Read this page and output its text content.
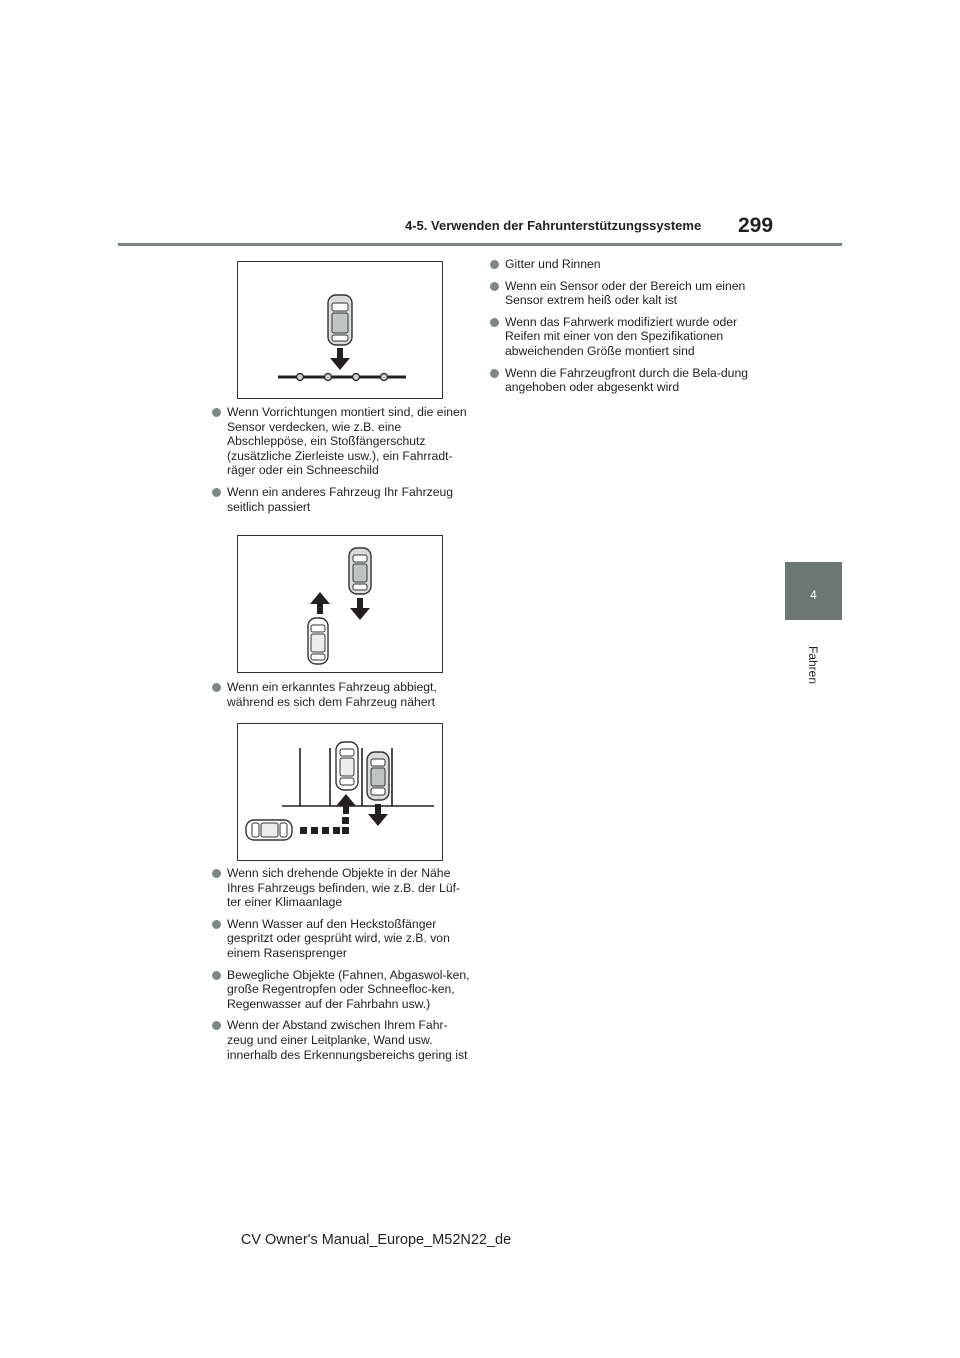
4-5. Verwenden der Fahrunterstützungssysteme 299
4
Fahren
Wenn Vorrichtungen montiert sind, die einen Sensor verdecken, wie z.B. eine Abschleppöse, ein Stoßfängerschutz (zusätzliche Zierleiste usw.), ein Fahrradt-räger oder ein Schneeschild
Wenn ein anderes Fahrzeug Ihr Fahrzeug seitlich passiert
Wenn ein erkanntes Fahrzeug abbiegt, während es sich dem Fahrzeug nähert
Wenn sich drehende Objekte in der Nähe Ihres Fahrzeugs befinden, wie z.B. der Lüf-ter einer Klimaanlage
Wenn Wasser auf den Heckstoßfänger gespritzt oder gesprüht wird, wie z.B. von einem Rasensprenger
Bewegliche Objekte (Fahnen, Abgaswol-ken, große Regentropfen oder Schneefloc-ken, Regenwasser auf der Fahrbahn usw.)
Wenn der Abstand zwischen Ihrem Fahr-zeug und einer Leitplanke, Wand usw. innerhalb des Erkennungsbereichs gering ist
Gitter und Rinnen
Wenn ein Sensor oder der Bereich um einen Sensor extrem heiß oder kalt ist
Wenn das Fahrwerk modifiziert wurde oder Reifen mit einer von den Spezifikationen abweichenden Größe montiert sind
Wenn die Fahrzeugfront durch die Bela-dung angehoben oder abgesenkt wird
CV Owner's Manual_Europe_M52N22_de
